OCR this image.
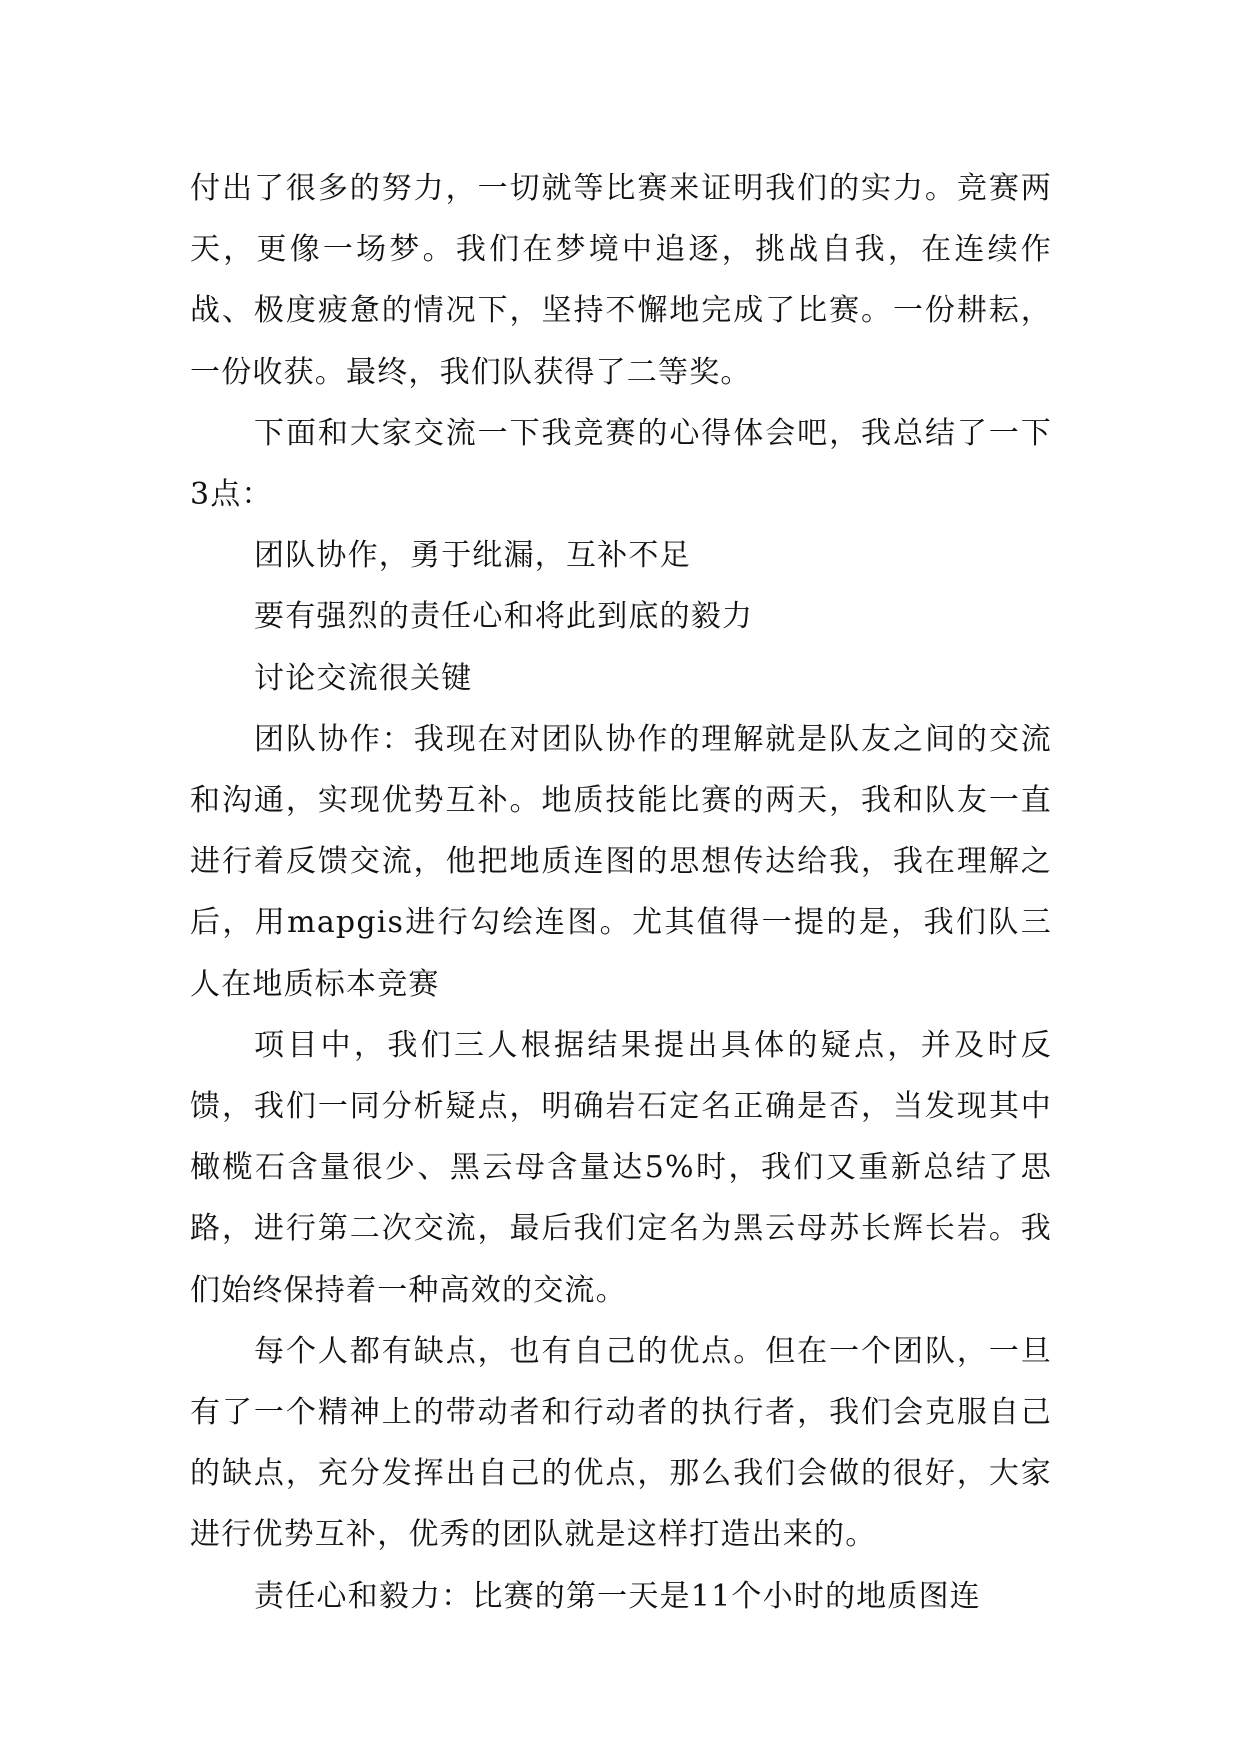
付出了很多的努力，一切就等比赛来证明我们的实力。竞赛两天，更像一场梦。我们在梦境中追逐，挑战自我，在连续作战、极度疲惫的情况下，坚持不懈地完成了比赛。一份耕耘，一份收获。最终，我们队获得了二等奖。

下面和大家交流一下我竞赛的心得体会吧，我总结了一下3点：

团队协作，勇于纰漏，互补不足

要有强烈的责任心和将此到底的毅力

讨论交流很关键

团队协作：我现在对团队协作的理解就是队友之间的交流和沟通，实现优势互补。地质技能比赛的两天，我和队友一直进行着反馈交流，他把地质连图的思想传达给我，我在理解之后，用mapgis进行勾绘连图。尤其值得一提的是，我们队三人在地质标本竞赛

项目中，我们三人根据结果提出具体的疑点，并及时反馈，我们一同分析疑点，明确岩石定名正确是否，当发现其中橄榄石含量很少、黑云母含量达5%时，我们又重新总结了思路，进行第二次交流，最后我们定名为黑云母苏长辉长岩。我们始终保持着一种高效的交流。

每个人都有缺点，也有自己的优点。但在一个团队，一旦有了一个精神上的带动者和行动者的执行者，我们会克服自己的缺点，充分发挥出自己的优点，那么我们会做的很好，大家进行优势互补，优秀的团队就是这样打造出来的。

责任心和毅力：比赛的第一天是11个小时的地质图连
